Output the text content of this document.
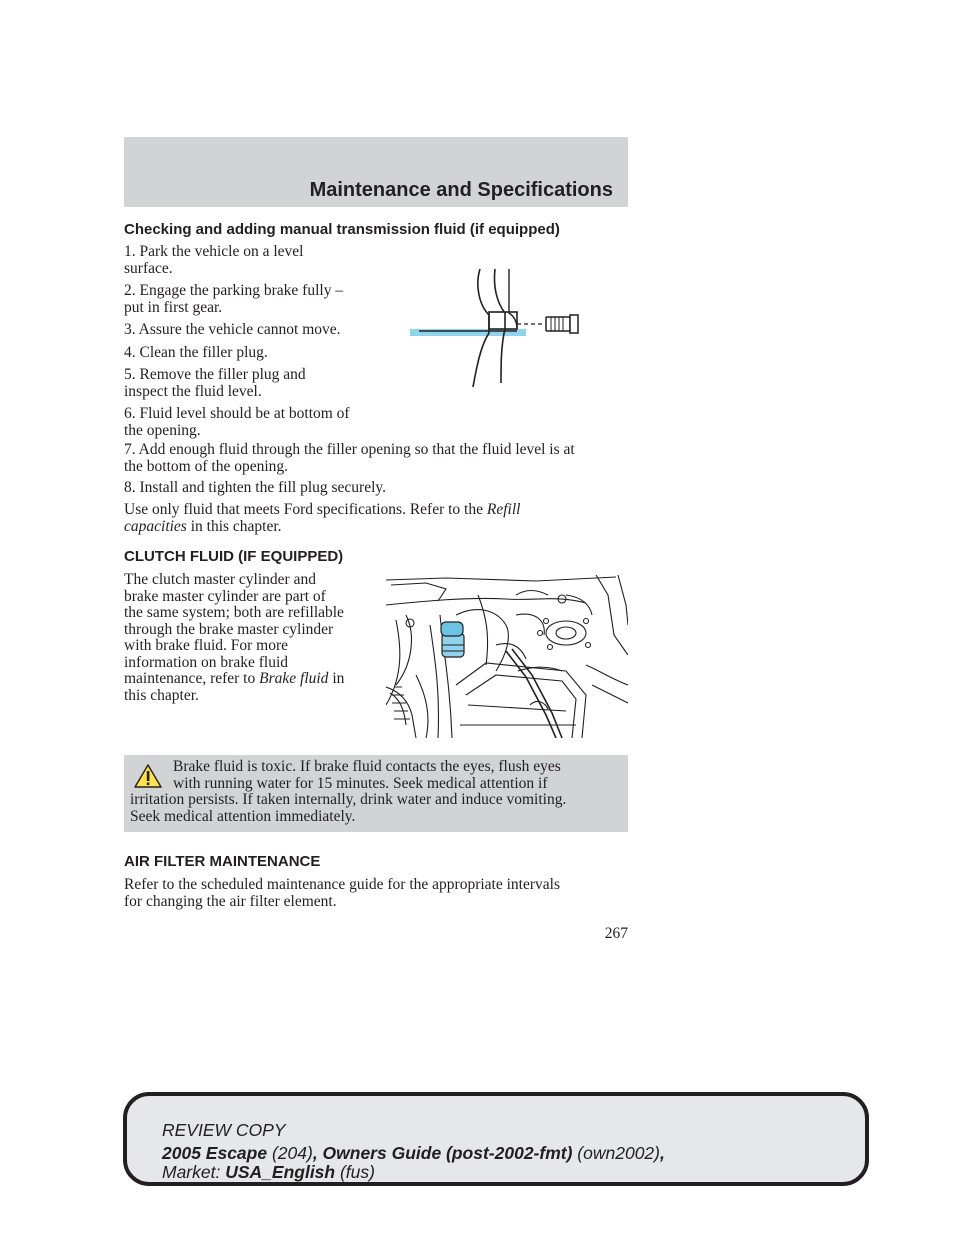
Maintenance and Specifications
Checking and adding manual transmission fluid (if equipped)

1. Park the vehicle on a level
surface.

2. Engage the parking brake fully –
put in first gear.
3. Assure the vehicle cannot move.
4. Clean the filler plug.
5. Remove the filler plug and
inspect the fluid level.
6. Fluid level should be at bottom of
the opening.
7. Add enough fluid through the filler opening so that the fluid level is at
the bottom of the opening.
8. Install and tighten the fill plug securely.
Use only fluid that meets Ford specifications. Refer to the Refill
capacities in this chapter.
CLUTCH FLUID (IF EQUIPPED)
The clutch master cylinder and
brake master cylinder are part of
the same system; both are refillable
through the brake master cylinder
with brake fluid. For more
information on brake fluid
maintenance, refer to Brake fluid in
this chapter.
Brake fluid is toxic. If brake fluid contacts the eyes, flush eyes
with running water for 15 minutes. Seek medical attention if
irritation persists. If taken internally, drink water and induce vomiting.
Seek medical attention immediately.
AIR FILTER MAINTENANCE
Refer to the scheduled maintenance guide for the appropriate intervals
for changing the air filter element.
267
REVIEW COPY
2005 Escape (204), Owners Guide (post-2002-fmt) (own2002),
Market: USA_English (fus)
